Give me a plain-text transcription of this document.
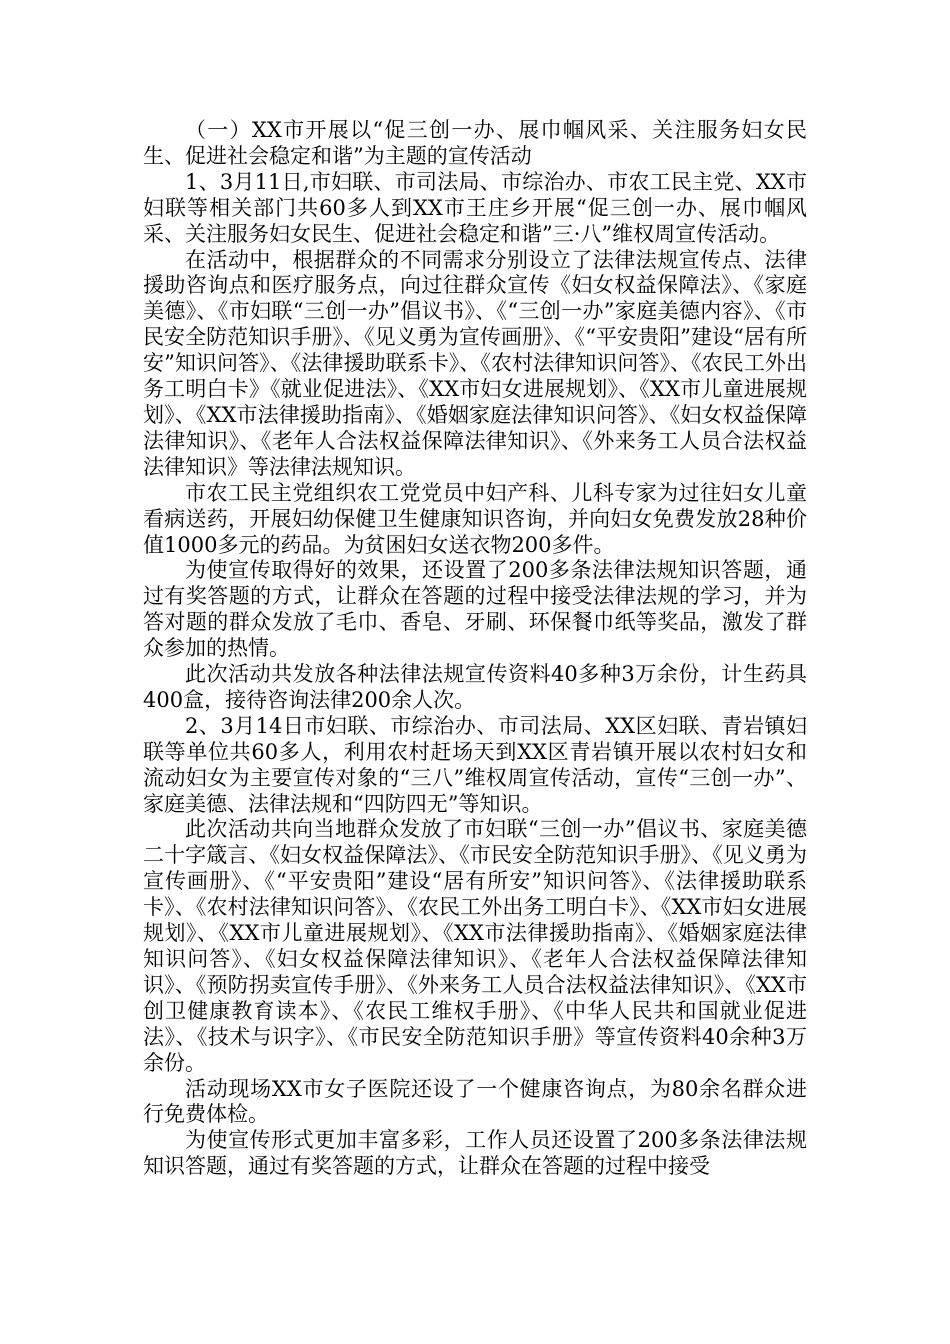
（一）XX市开展以“促三创一办、展巾帼风采、关注服务妇女民生、促进社会稳定和谐”为主题的宣传活动

1、3月11日,市妇联、市司法局、市综治办、市农工民主党、XX市妇联等相关部门共60多人到XX市王庄乡开展“促三创一办、展巾帼风采、关注服务妇女民生、促进社会稳定和谐”三·八”维权周宣传活动。

在活动中，根据群众的不同需求分别设立了法律法规宣传点、法律援助咨询点和医疗服务点，向过往群众宣传《妇女权益保障法》、《家庭美德》、《市妇联“三创一办”倡议书》、《“三创一办”家庭美德内容》、《市民安全防范知识手册》、《见义勇为宣传画册》、《“平安贵阳”建设“居有所安”知识问答》、《法律援助联系卡》、《农村法律知识问答》、《农民工外出务工明白卡》《就业促进法》、《XX市妇女进展规划》、《XX市儿童进展规划》、《XX市法律援助指南》、《婚姻家庭法律知识问答》、《妇女权益保障法律知识》、《老年人合法权益保障法律知识》、《外来务工人员合法权益法律知识》等法律法规知识。

市农工民主党组织农工党党员中妇产科、儿科专家为过往妇女儿童看病送药，开展妇幼保健卫生健康知识咨询，并向妇女免费发放28种价值1000多元的药品。为贫困妇女送衣物200多件。

为使宣传取得好的效果，还设置了200多条法律法规知识答题，通过有奖答题的方式，让群众在答题的过程中接受法律法规的学习，并为答对题的群众发放了毛巾、香皂、牙刷、环保餐巾纸等奖品，激发了群众参加的热情。

此次活动共发放各种法律法规宣传资料40多种3万余份，计生药具400盒，接待咨询法律200余人次。

2、3月14日市妇联、市综治办、市司法局、XX区妇联、青岩镇妇联等单位共60多人，利用农村赶场天到XX区青岩镇开展以农村妇女和流动妇女为主要宣传对象的“三八”维权周宣传活动，宣传“三创一办”、家庭美德、法律法规和“四防四无”等知识。

此次活动共向当地群众发放了市妇联“三创一办”倡议书、家庭美德二十字箴言、《妇女权益保障法》、《市民安全防范知识手册》、《见义勇为宣传画册》、《“平安贵阳”建设“居有所安”知识问答》、《法律援助联系卡》、《农村法律知识问答》、《农民工外出务工明白卡》、《XX市妇女进展规划》、《XX市儿童进展规划》、《XX市法律援助指南》、《婚姻家庭法律知识问答》、《妇女权益保障法律知识》、《老年人合法权益保障法律知识》、《预防拐卖宣传手册》、《外来务工人员合法权益法律知识》、《XX市创卫健康教育读本》、《农民工维权手册》、《中华人民共和国就业促进法》、《技术与识字》、《市民安全防范知识手册》等宣传资料40余种3万余份。

活动现场XX市女子医院还设了一个健康咨询点，为80余名群众进行免费体检。

为使宣传形式更加丰富多彩，工作人员还设置了200多条法律法规知识答题，通过有奖答题的方式，让群众在答题的过程中接受
